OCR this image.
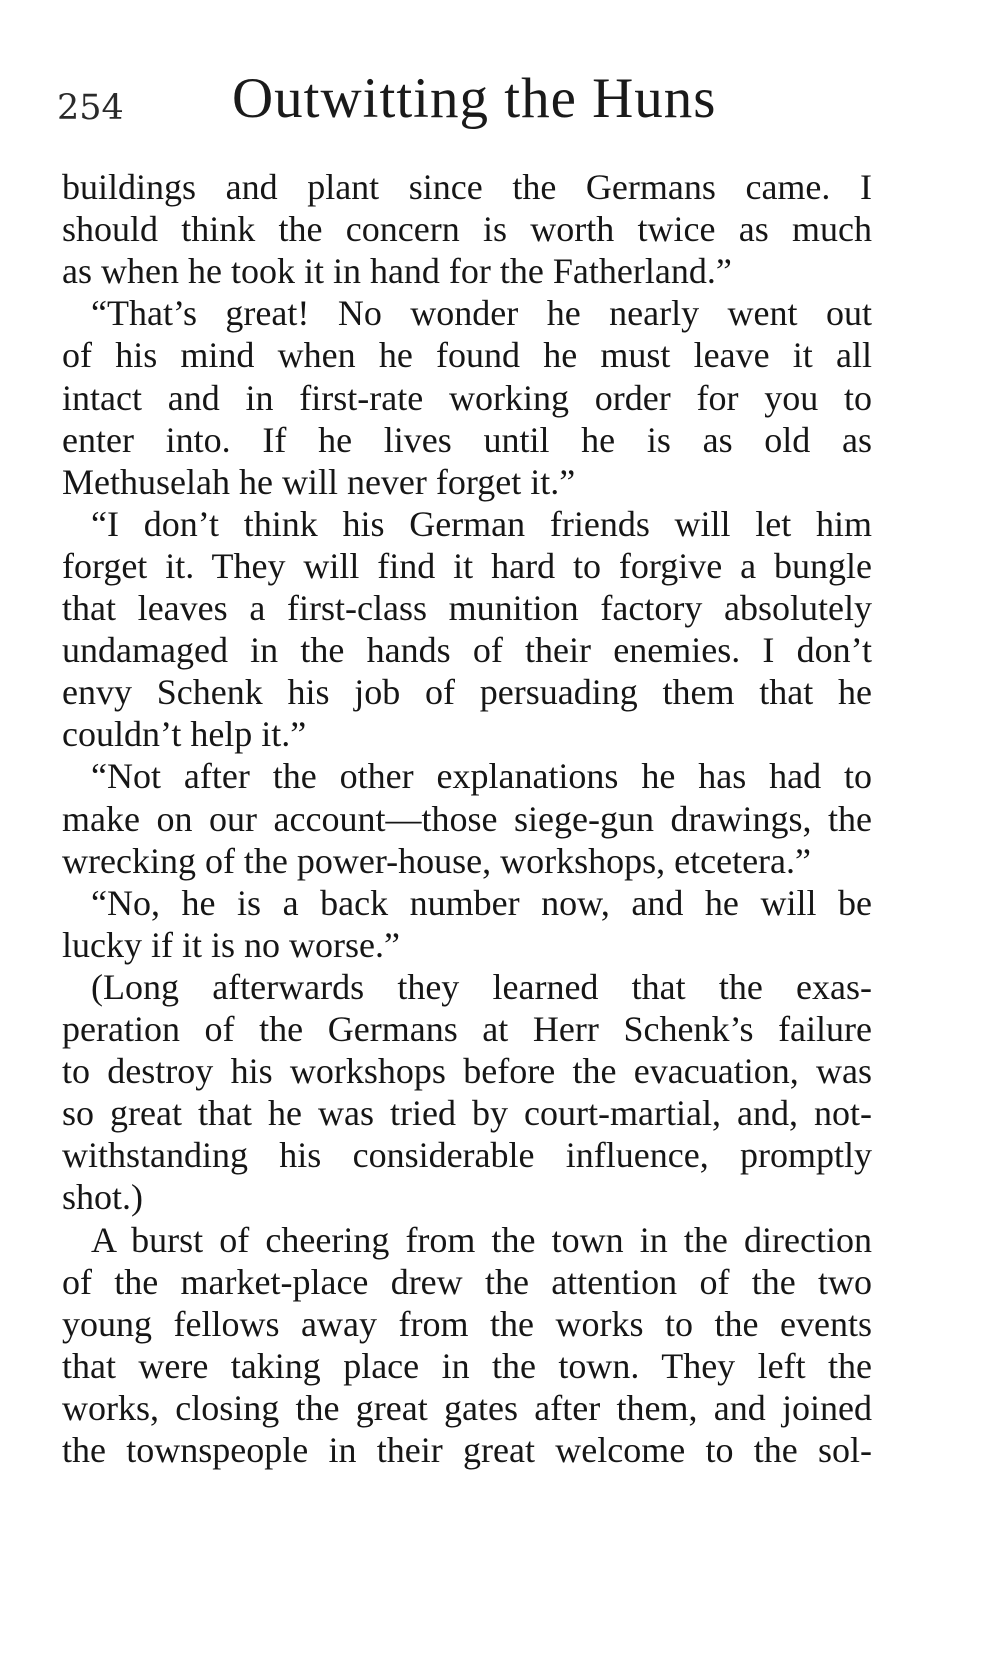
254 Outwitting the Huns
buildings and plant since the Germans came. I
should think the concern is worth twice as much
as when he took it in hand for the Fatherland.”
“That’s great! No wonder he nearly went out
of his mind when he found he must leave it all
intact and in first-rate working order for you to
enter into. If he lives until he is as old as
Methuselah he will never forget it.”
“I don’t think his German friends will let him
forget it. They will find it hard to forgive a bungle
that leaves a first-class munition factory absolutely
undamaged in the hands of their enemies. I don’t
envy Schenk his job of persuading them that he
couldn’t help it.”
“Not after the other explanations he has had to
make on our account—those siege-gun drawings, the
wrecking of the power-house, workshops, etcetera.”
“No, he is a back number now, and he will be
lucky if it is no worse.”
(Long afterwards they learned that the exas-
peration of the Germans at Herr Schenk’s failure
to destroy his workshops before the evacuation, was
so great that he was tried by court-martial, and, not-
withstanding his considerable influence, promptly
shot.)
A burst of cheering from the town in the direction
of the market-place drew the attention of the two
young fellows away from the works to the events
that were taking place in the town. They left the
works, closing the great gates after them, and joined
the townspeople in their great welcome to the sol-
